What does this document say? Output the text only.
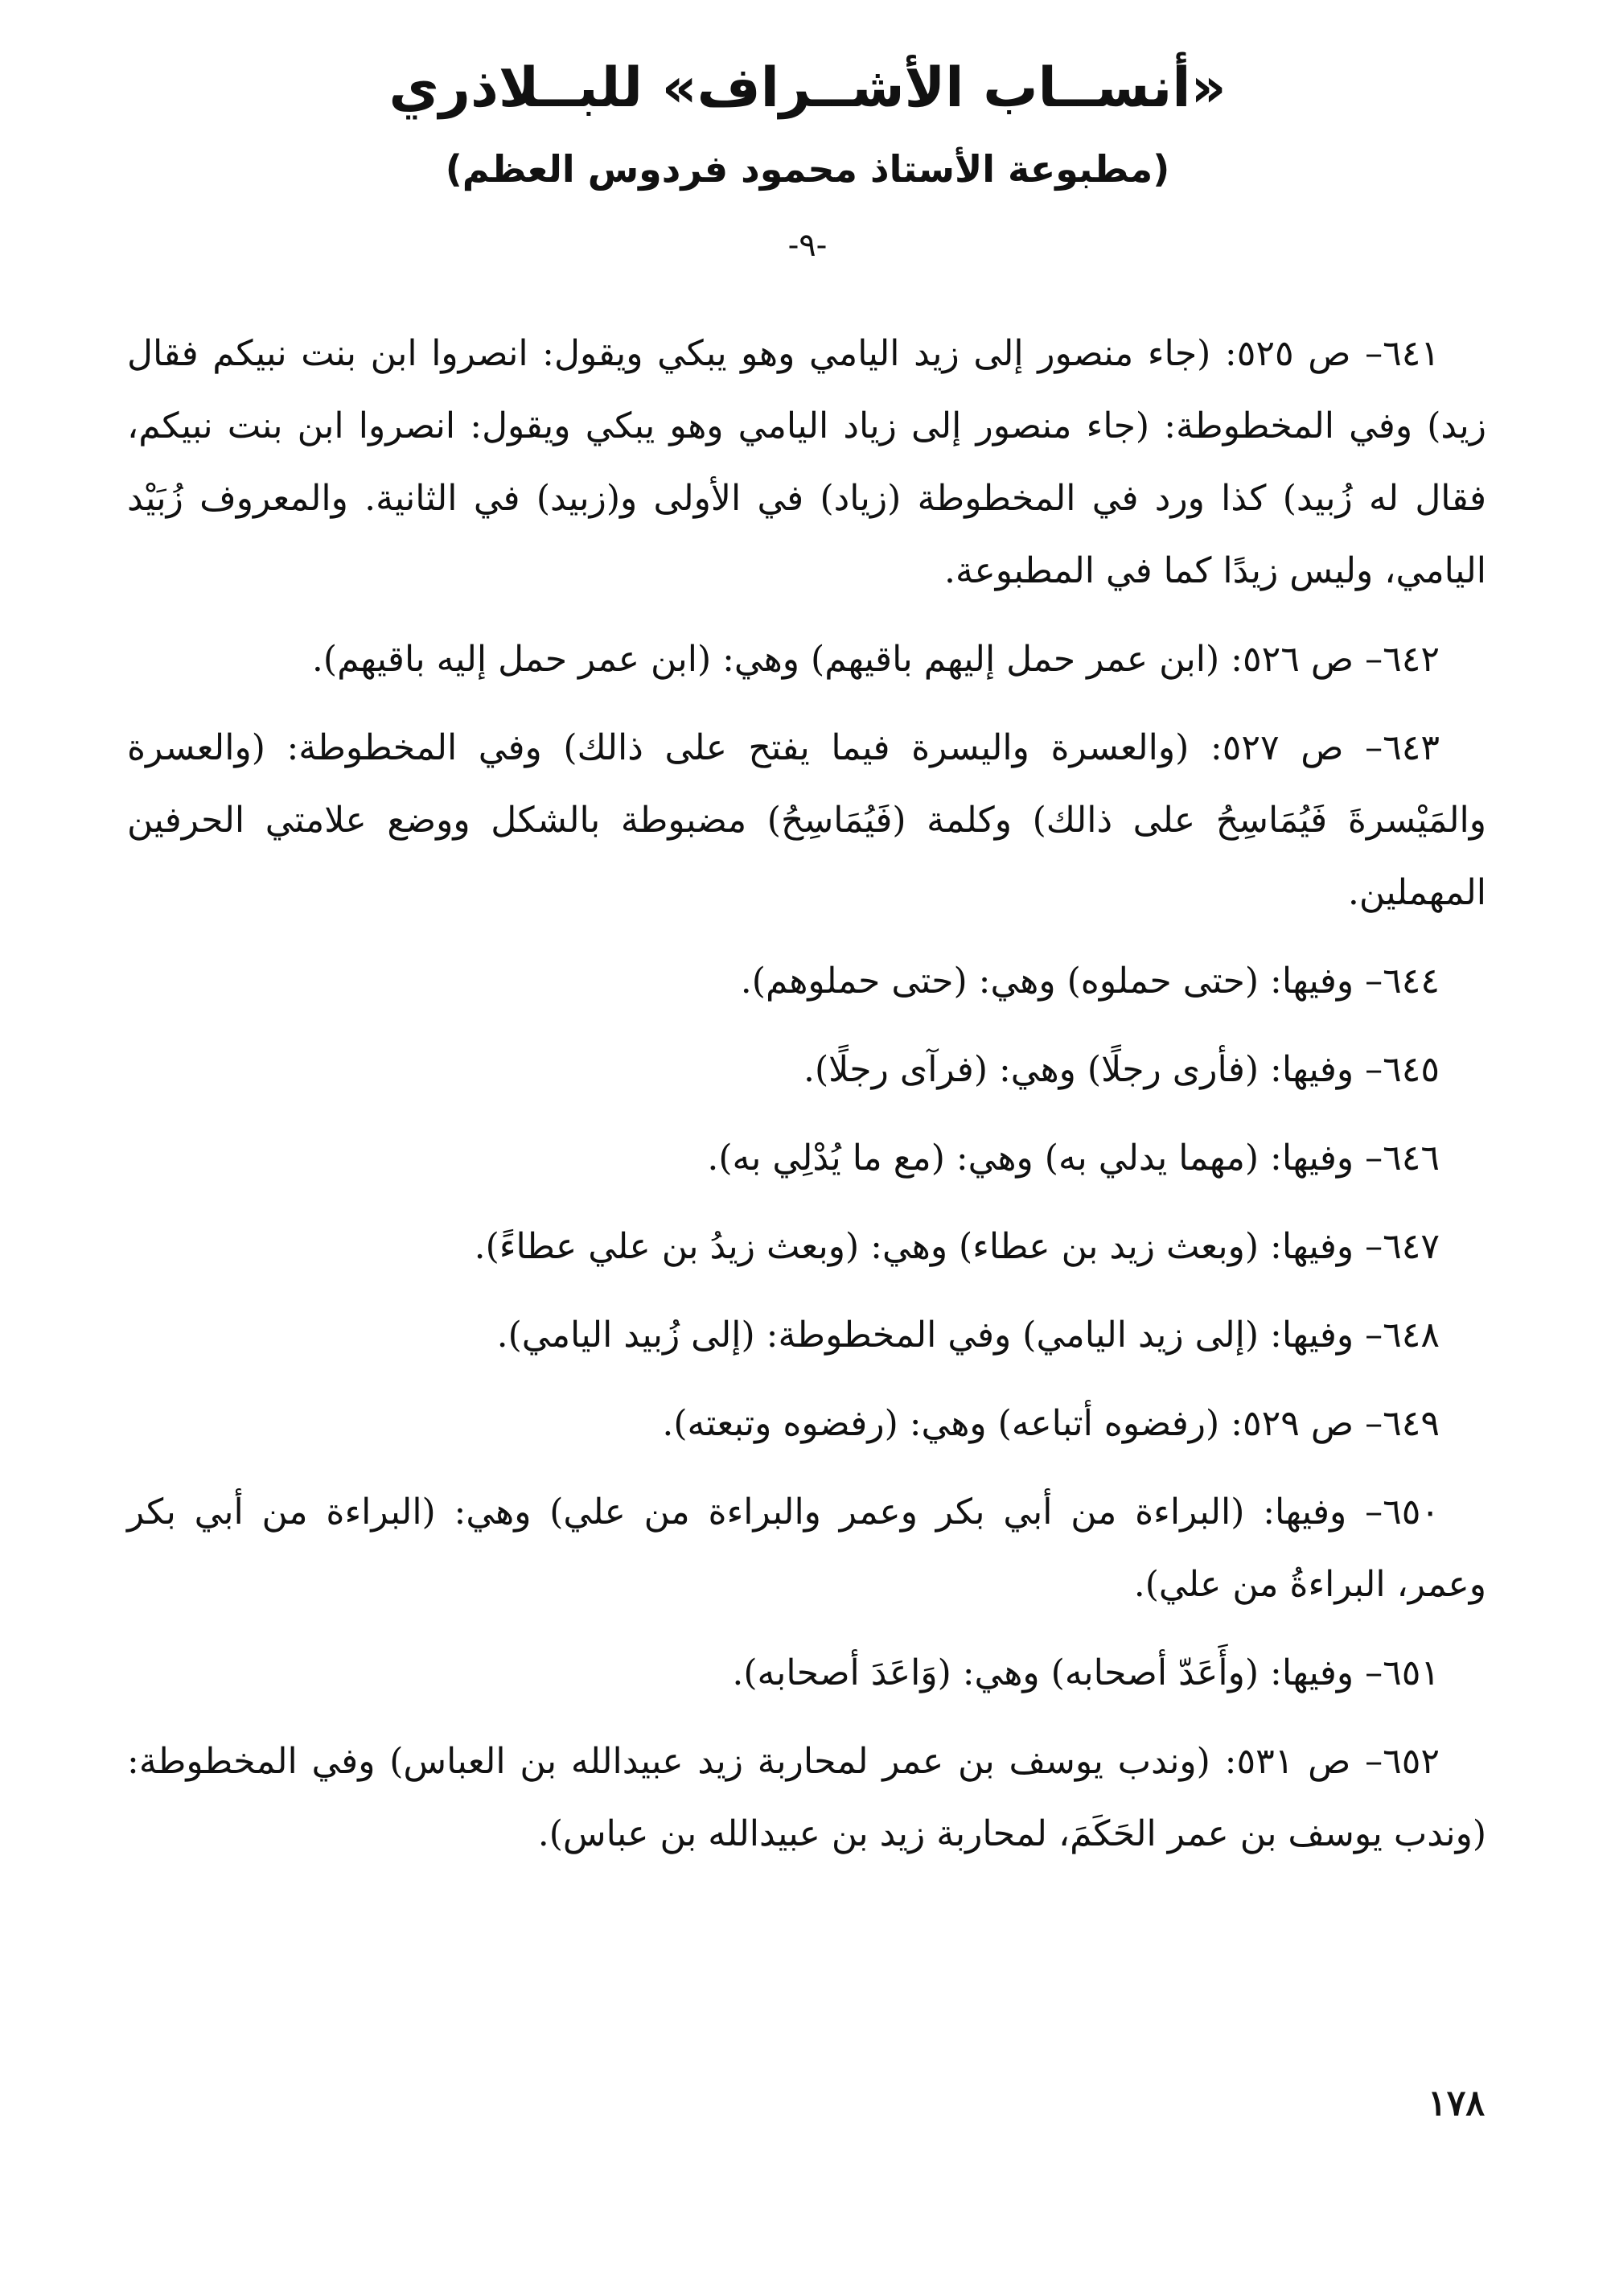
«أنســاب الأشــراف» للبــلاذري
(مطبوعة الأستاذ محمود فردوس العظم)
-٩-

٦٤١– ص ٥٢٥: (جاء منصور إلى زيد اليامي وهو يبكي ويقول: انصروا ابن بنت نبيكم فقال زيد) وفي المخطوطة: (جاء منصور إلى زياد اليامي وهو يبكي ويقول: انصروا ابن بنت نبيكم، فقال له زُبيد) كذا ورد في المخطوطة (زياد) في الأولى و(زبيد) في الثانية. والمعروف زُبَيْد اليامي، وليس زيدًا كما في المطبوعة.

٦٤٢– ص ٥٢٦: (ابن عمر حمل إليهم باقيهم) وهي: (ابن عمر حمل إليه باقيهم).

٦٤٣– ص ٥٢٧: (والعسرة واليسرة فيما يفتح على ذالك) وفي المخطوطة: (والعسرة والمَيْسرةَ فَيُمَاسِحُ على ذالك) وكلمة (فَيُمَاسِحُ) مضبوطة بالشكل ووضع علامتي الحرفين المهملين.

٦٤٤– وفيها: (حتى حملوه) وهي: (حتى حملوهم).

٦٤٥– وفيها: (فأرى رجلًا) وهي: (فرآى رجلًا).

٦٤٦– وفيها: (مهما يدلي به) وهي: (مع ما يُدْلِي به).

٦٤٧– وفيها: (وبعث زيد بن عطاء) وهي: (وبعث زيدُ بن علي عطاءً).

٦٤٨– وفيها: (إلى زيد اليامي) وفي المخطوطة: (إلى زُبيد اليامي).

٦٤٩– ص ٥٢٩: (رفضوه أتباعه) وهي: (رفضوه وتبعته).

٦٥٠– وفيها: (البراءة من أبي بكر وعمر والبراءة من علي) وهي: (البراءة من أبي بكر وعمر، البراءةُ من علي).

٦٥١– وفيها: (وأَعَدّ أصحابه) وهي: (وَاعَدَ أصحابه).

٦٥٢– ص ٥٣١: (وندب يوسف بن عمر لمحاربة زيد عبيدالله بن العباس) وفي المخطوطة: (وندب يوسف بن عمر الحَكَمَ، لمحاربة زيد بن عبيدالله بن عباس).

١٧٨
